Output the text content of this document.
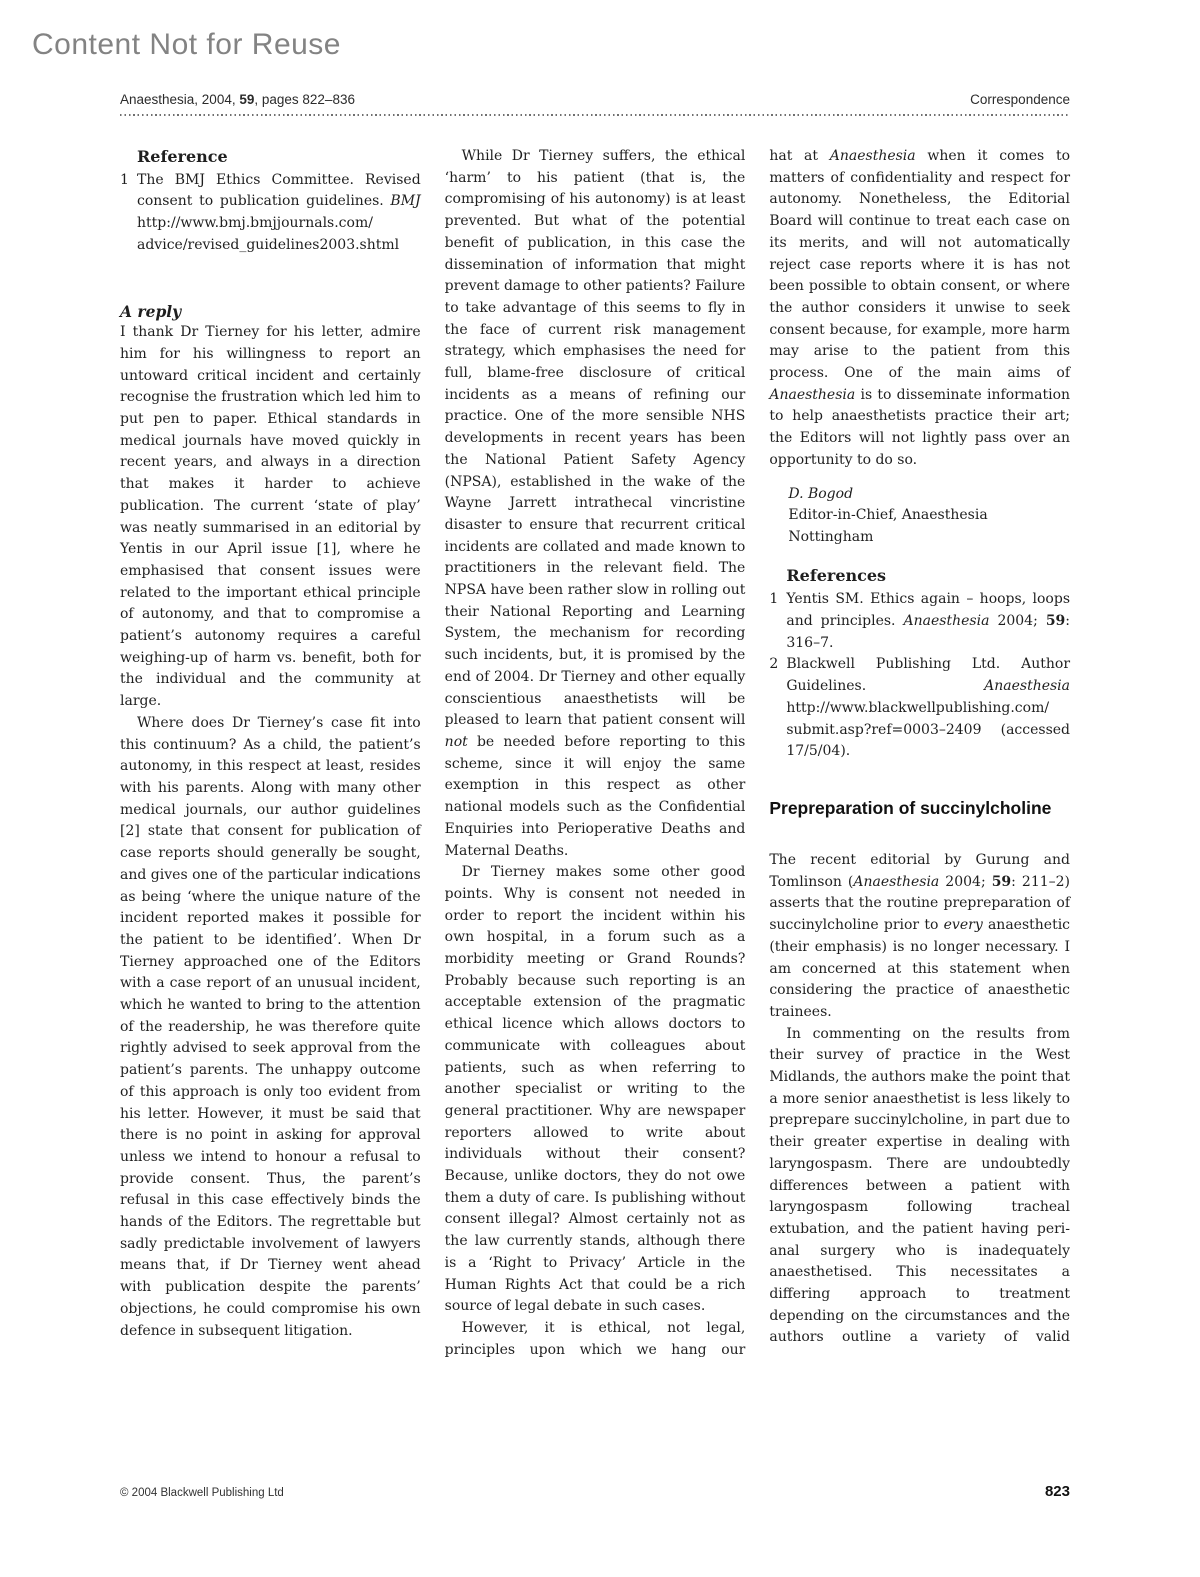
Content Not for Reuse
Anaesthesia, 2004, 59, pages 822–836	Correspondence
Reference
1 The BMJ Ethics Committee. Revised consent to publication guidelines. BMJ http://www.bmj.bmjjournals.com/ advice/revised_guidelines2003.shtml
A reply

I thank Dr Tierney for his letter, admire him for his willingness to report an untoward critical incident and certainly recognise the frustration which led him to put pen to paper. Ethical standards in medical journals have moved quickly in recent years, and always in a direction that makes it harder to achieve publication. The current ‘state of play’ was neatly summarised in an editorial by Yentis in our April issue [1], where he emphasised that consent issues were related to the important ethical principle of autonomy, and that to compromise a patient’s autonomy requires a careful weighing-up of harm vs. benefit, both for the individual and the community at large.

Where does Dr Tierney’s case fit into this continuum? As a child, the patient’s autonomy, in this respect at least, resides with his parents. Along with many other medical journals, our author guidelines [2] state that consent for publication of case reports should generally be sought, and gives one of the particular indications as being ‘where the unique nature of the incident reported makes it possible for the patient to be identified’. When Dr Tierney approached one of the Editors with a case report of an unusual incident, which he wanted to bring to the attention of the readership, he was therefore quite rightly advised to seek approval from the patient’s parents. The unhappy outcome of this approach is only too evident from his letter. However, it must be said that there is no point in asking for approval unless we intend to honour a refusal to provide consent. Thus, the parent’s refusal in this case effectively binds the hands of the Editors. The regrettable but sadly predictable involvement of lawyers means that, if Dr Tierney went ahead with publication despite the parents’ objections, he could compromise his own defence in subsequent litigation.

While Dr Tierney suffers, the ethical ‘harm’ to his patient (that is, the compromising of his autonomy) is at least prevented. But what of the potential benefit of publication, in this case the dissemination of information that might prevent damage to other patients? Failure to take advantage of this seems to fly in the face of current risk management strategy, which emphasises the need for full, blame-free disclosure of critical incidents as a means of refining our practice. One of the more sensible NHS developments in recent years has been the National Patient Safety Agency (NPSA), established in the wake of the Wayne Jarrett intrathecal vincristine disaster to ensure that recurrent critical incidents are collated and made known to practitioners in the relevant field. The NPSA have been rather slow in rolling out their National Reporting and Learning System, the mechanism for recording such incidents, but, it is promised by the end of 2004. Dr Tierney and other equally conscientious anaesthetists will be pleased to learn that patient consent will not be needed before reporting to this scheme, since it will enjoy the same exemption in this respect as other national models such as the Confidential Enquiries into Perioperative Deaths and Maternal Deaths.

Dr Tierney makes some other good points. Why is consent not needed in order to report the incident within his own hospital, in a forum such as a morbidity meeting or Grand Rounds? Probably because such reporting is an acceptable extension of the pragmatic ethical licence which allows doctors to communicate with colleagues about patients, such as when referring to another specialist or writing to the general practitioner. Why are newspaper reporters allowed to write about individuals without their consent? Because, unlike doctors, they do not owe them a duty of care. Is publishing without consent illegal? Almost certainly not as the law currently stands, although there is a ‘Right to Privacy’ Article in the Human Rights Act that could be a rich source of legal debate in such cases.

However, it is ethical, not legal, principles upon which we hang our

hat at Anaesthesia when it comes to matters of confidentiality and respect for autonomy. Nonetheless, the Editorial Board will continue to treat each case on its merits, and will not automatically reject case reports where it is has not been possible to obtain consent, or where the author considers it unwise to seek consent because, for example, more harm may arise to the patient from this process. One of the main aims of Anaesthesia is to disseminate information to help anaesthetists practice their art; the Editors will not lightly pass over an opportunity to do so.

D. Bogod
Editor-in-Chief, Anaesthesia
Nottingham
References
1 Yentis SM. Ethics again – hoops, loops and principles. Anaesthesia 2004; 59: 316–7.
2 Blackwell Publishing Ltd. Author Guidelines. Anaesthesia http://www.blackwellpublishing.com/ submit.asp?ref=0003–2409 (accessed 17/5/04).
Prepreparation of succinylcholine

The recent editorial by Gurung and Tomlinson (Anaesthesia 2004; 59: 211–2) asserts that the routine prepreparation of succinylcholine prior to every anaesthetic (their emphasis) is no longer necessary. I am concerned at this statement when considering the practice of anaesthetic trainees.

In commenting on the results from their survey of practice in the West Midlands, the authors make the point that a more senior anaesthetist is less likely to preprepare succinylcholine, in part due to their greater expertise in dealing with laryngospasm. There are undoubtedly differences between a patient with laryngospasm following tracheal extubation, and the patient having peri-anal surgery who is inadequately anaesthetised. This necessitates a differing approach to treatment depending on the circumstances and the authors outline a variety of valid

© 2004 Blackwell Publishing Ltd	823
